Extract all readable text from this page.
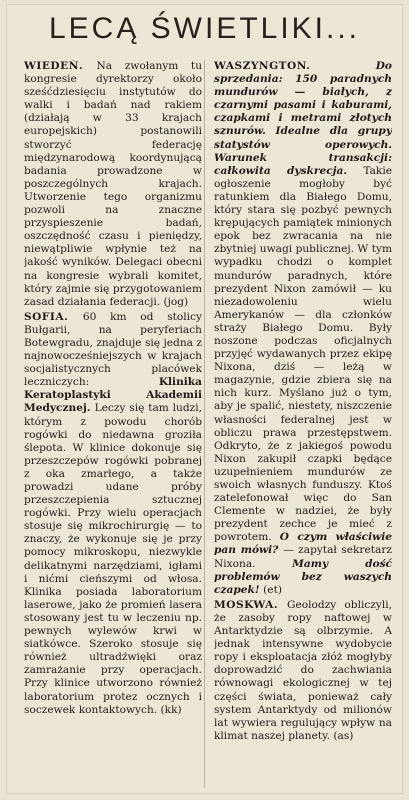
LECĄ ŚWIETLIKI...

WIEDEŃ. Na zwołanym tu kongresie dyrektorzy około sześćdziesięciu instytutów do walki i badań nad rakiem (działają w 33 krajach europejskich) postanowili stworzyć federację międzynarodową koordynującą badania prowadzone w poszczególnych krajach. Utworzenie tego organizmu pozwoli na znaczne przyspieszenie badań, oszczędność czasu i pieniędzy, niewątpliwie wpłynie też na jakość wyników. Delegaci obecni na kongresie wybrali komitet, który zajmie się przygotowaniem zasad działania federacji. (jog)

SOFIA. 60 km od stolicy Bułgarii, na peryferiach Botewgradu, znajduje się jedna z najnowocześniejszych w krajach socjalistycznych placówek leczniczych: Klinika Keratoplastyki Akademii Medycznej. Leczy się tam ludzi, którym z powodu chorób rogówki do niedawna groziła ślepota. W klinice dokonuje się przeszczepów rogówki pobranej z oka zmarłego, a także prowadzi udane próby przeszczepienia sztucznej rogówki. Przy wielu operacjach stosuje się mikrochirurgię — to znaczy, że wykonuje się je przy pomocy mikroskopu, niezwykle delikatnymi narzędziami, igłami i nićmi cieńszymi od włosa. Klinika posiada laboratorium laserowe, jako że promień lasera stosowany jest tu w leczeniu np. pewnych wylewów krwi w siatkówce. Szeroko stosuje się również ultradźwięki oraz zamrażanie przy operacjach. Przy klinice utworzono również laboratorium protez ocznych i soczewek kontaktowych. (kk)

WASZYNGTON. Do sprzedania: 150 paradnych mundurów — białych, z czarnymi pasami i kaburami, czapkami i metrami złotych sznurów. Idealne dla grupy statystów operowych. Warunek transakcji: całkowita dyskrecja. Takie ogłoszenie mogłoby być ratunkiem dla Białego Domu, który stara się pozbyć pewnych krępujących pamiątek minionych epok bez zwracania na nie zbytniej uwagi publicznej. W tym wypadku chodzi o komplet mundurów paradnych, które prezydent Nixon zamówił — ku niezadowoleniu wielu Amerykanów — dla członków straży Białego Domu. Były noszone podczas oficjalnych przyjęć wydawanych przez ekipę Nixona, dziś — leżą w magazynie, gdzie zbiera się na nich kurz. Myślano już o tym, aby je spalić, niestety, niszczenie własności federalnej jest w obliczu prawa przestępstwem. Odkryto, że z jakiegoś powodu Nixon zakupił czapki będące uzupełnieniem mundurów ze swoich własnych funduszy. Ktoś zatelefonował więc do San Clemente w nadziei, że były prezydent zechce je mieć z powrotem. O czym właściwie pan mówi? — zapytał sekretarz Nixona. Mamy dość problemów bez waszych czapek! (et)

MOSKWA. Geolodzy obliczyli, że zasoby ropy naftowej w Antarktydzie są olbrzymie. A jednak intensywne wydobycie ropy i eksploatacja złóż mogłyby doprowadzić do zachwiania równowagi ekologicznej w tej części świata, ponieważ cały system Antarktydy od milionów lat wywiera regulujący wpływ na klimat naszej planety. (as)
